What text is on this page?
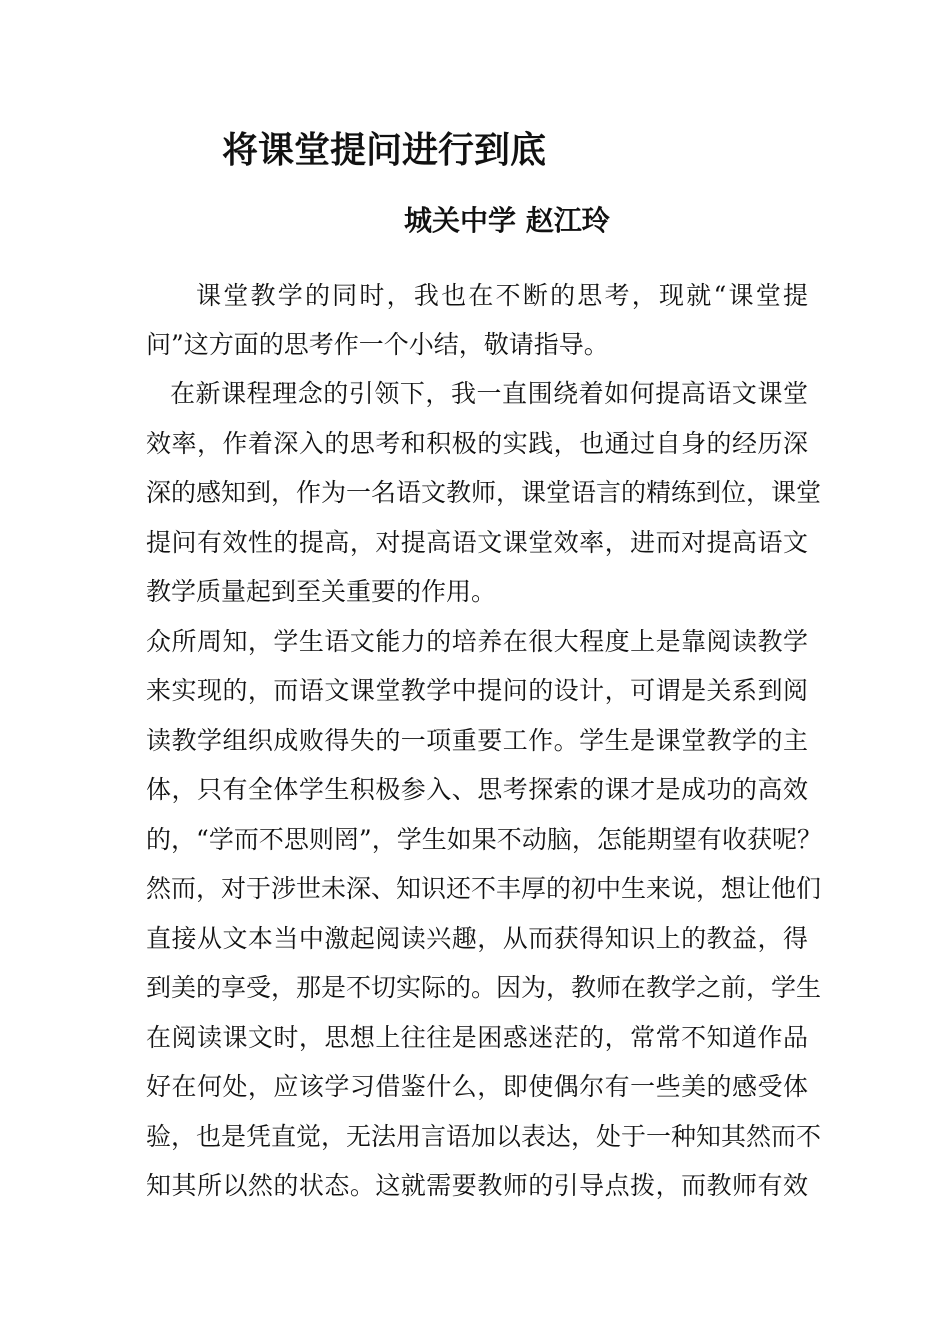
将课堂提问进行到底
城关中学 赵江玲
课堂教学的同时，我也在不断的思考，现就“课堂提
问”这方面的思考作一个小结，敬请指导。
在新课程理念的引领下，我一直围绕着如何提高语文课堂
效率，作着深入的思考和积极的实践，也通过自身的经历深
深的感知到，作为一名语文教师，课堂语言的精练到位，课堂
提问有效性的提高，对提高语文课堂效率，进而对提高语文
教学质量起到至关重要的作用。
众所周知，学生语文能力的培养在很大程度上是靠阅读教学
来实现的，而语文课堂教学中提问的设计，可谓是关系到阅
读教学组织成败得失的一项重要工作。学生是课堂教学的主
体，只有全体学生积极参入、思考探索的课才是成功的高效
的，“学而不思则罔”，学生如果不动脑，怎能期望有收获呢？
然而，对于涉世未深、知识还不丰厚的初中生来说，想让他们
直接从文本当中激起阅读兴趣，从而获得知识上的教益，得
到美的享受，那是不切实际的。因为，教师在教学之前，学生
在阅读课文时，思想上往往是困惑迷茫的，常常不知道作品
好在何处，应该学习借鉴什么，即使偶尔有一些美的感受体
验，也是凭直觉，无法用言语加以表达，处于一种知其然而不
知其所以然的状态。这就需要教师的引导点拨，而教师有效
